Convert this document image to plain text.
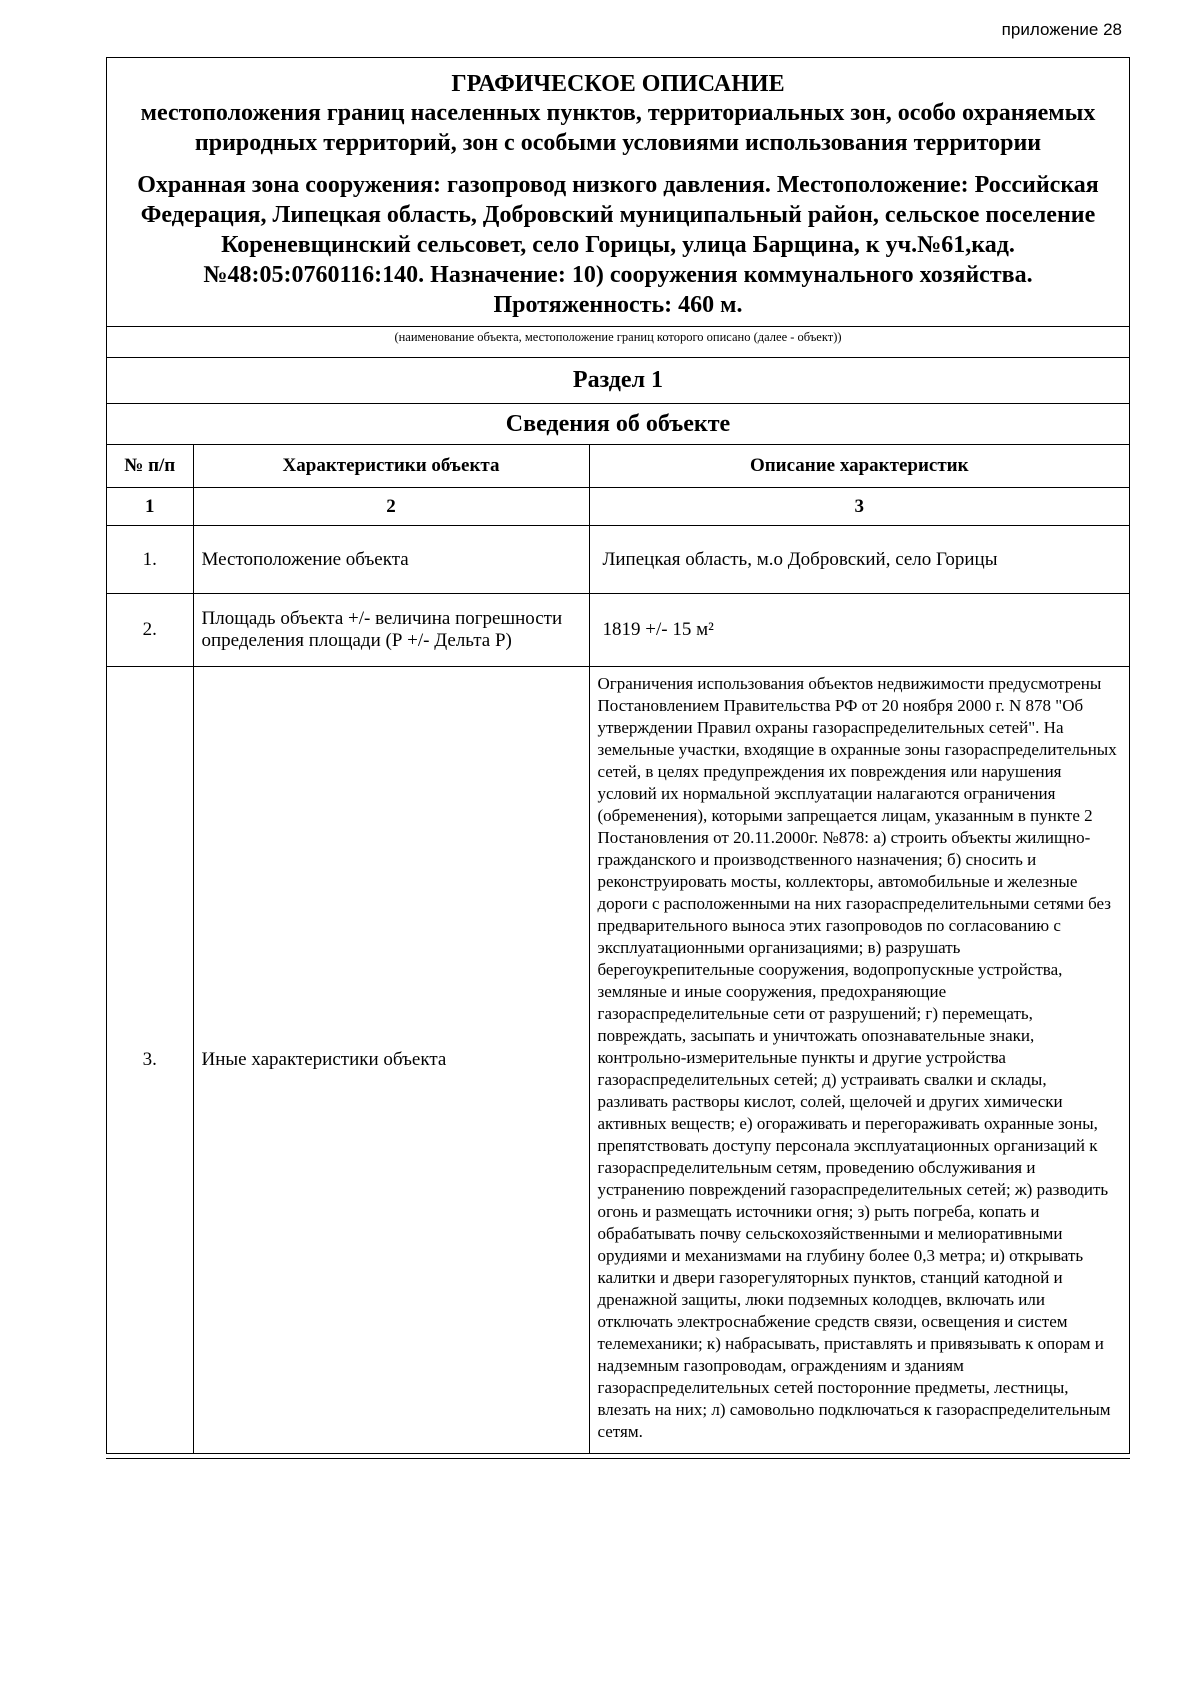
приложение 28
ГРАФИЧЕСКОЕ ОПИСАНИЕ
местоположения границ населенных пунктов, территориальных зон, особо охраняемых природных территорий, зон с особыми условиями использования территории
Охранная зона сооружения: газопровод низкого давления. Местоположение: Российская Федерация, Липецкая область, Добровский муниципальный район, сельское поселение Кореневщинский сельсовет, село Горицы, улица Барщина, к уч.№61,кад.№48:05:0760116:140. Назначение: 10) сооружения коммунального хозяйства. Протяженность: 460 м.
(наименование объекта, местоположение границ которого описано (далее - объект))
Раздел 1
Сведения об объекте
№ п/п	Характеристики объекта	Описание характеристик
1	2	3
1.	Местоположение объекта	Липецкая область, м.о Добровский, село Горицы
2.	Площадь объекта +/- величина погрешности определения площади (Р +/- Дельта Р)	1819 +/- 15 м²
3.	Иные характеристики объекта	Ограничения использования объектов недвижимости предусмотрены Постановлением Правительства РФ от 20 ноября 2000 г. N 878 "Об утверждении Правил охраны газораспределительных сетей". На земельные участки, входящие в охранные зоны газораспределительных сетей, в целях предупреждения их повреждения или нарушения условий их нормальной эксплуатации налагаются ограничения (обременения), которыми запрещается лицам, указанным в пункте 2 Постановления от 20.11.2000г. №878: а) строить объекты жилищно-гражданского и производственного назначения; б) сносить и реконструировать мосты, коллекторы, автомобильные и железные дороги с расположенными на них газораспределительными сетями без предварительного выноса этих газопроводов по согласованию с эксплуатационными организациями; в) разрушать берегоукрепительные сооружения, водопропускные устройства, земляные и иные сооружения, предохраняющие газораспределительные сети от разрушений; г) перемещать, повреждать, засыпать и уничтожать опознавательные знаки, контрольно-измерительные пункты и другие устройства газораспределительных сетей; д) устраивать свалки и склады, разливать растворы кислот, солей, щелочей и других химически активных веществ; е) огораживать и перегораживать охранные зоны, препятствовать доступу персонала эксплуатационных организаций к газораспределительным сетям, проведению обслуживания и устранению повреждений газораспределительных сетей; ж) разводить огонь и размещать источники огня; з) рыть погреба, копать и обрабатывать почву сельскохозяйственными и мелиоративными орудиями и механизмами на глубину более 0,3 метра; и) открывать калитки и двери газорегуляторных пунктов, станций катодной и дренажной защиты, люки подземных колодцев, включать или отключать электроснабжение средств связи, освещения и систем телемеханики; к) набрасывать, приставлять и привязывать к опорам и надземным газопроводам, ограждениям и зданиям газораспределительных сетей посторонние предметы, лестницы, влезать на них; л) самовольно подключаться к газораспределительным сетям.
